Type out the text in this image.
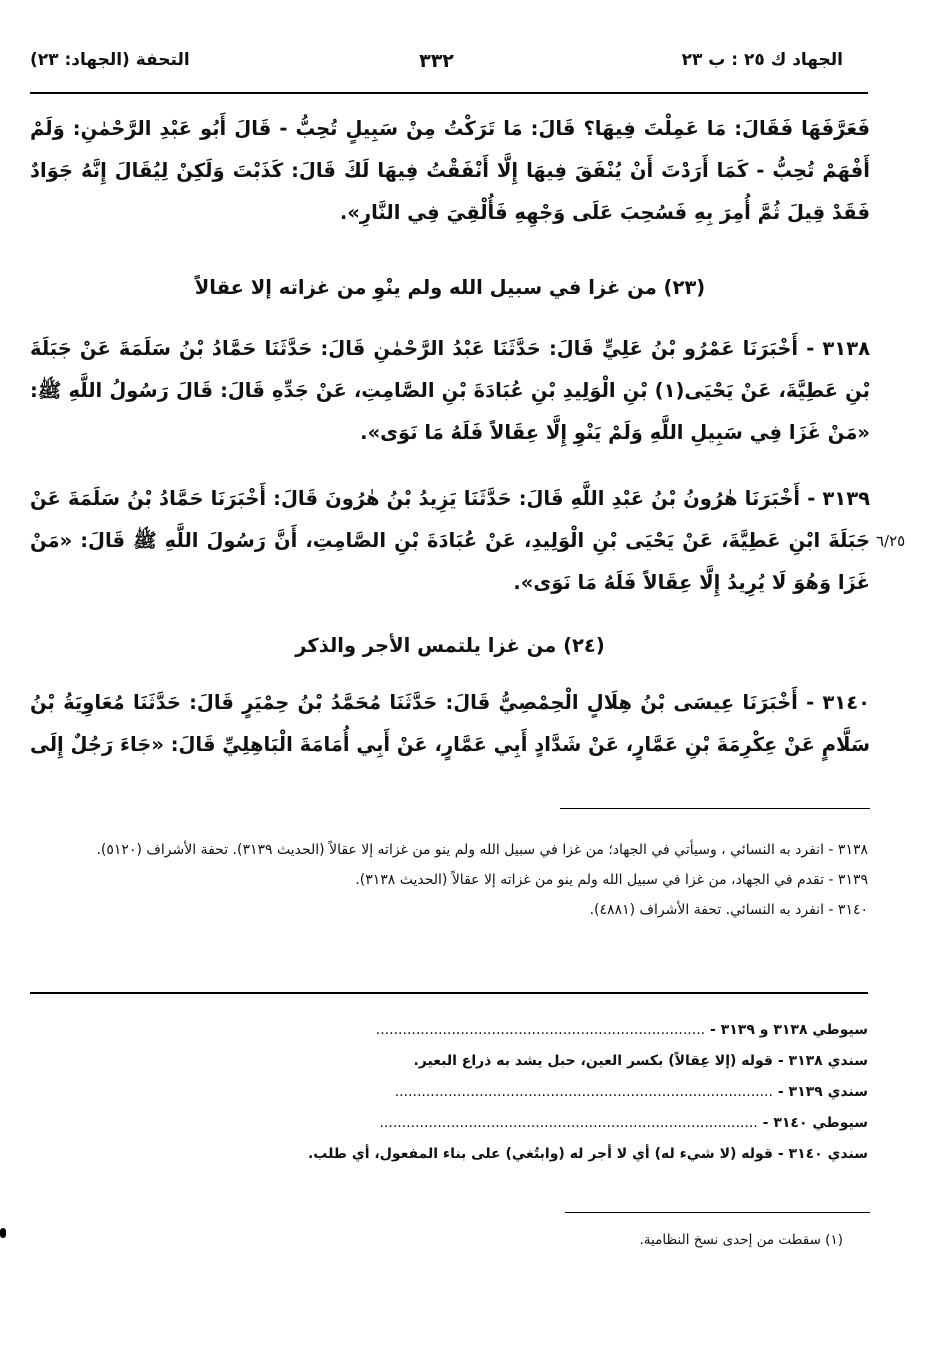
الجهاد ك ٢٥ : ب ٢٣
٣٣٢
التحفة (الجهاد: ٢٣)
فَعَرَّفَهَا فَقَالَ: مَا عَمِلْتَ فِيهَا؟ قَالَ: مَا تَرَكْتُ مِنْ سَبِيلٍ تُحِبُّ - قَالَ أَبُو عَبْدِ الرَّحْمٰنِ: وَلَمْ أَفْهَمْ تُحِبُّ - كَمَا أَرَدْتَ أَنْ يُنْفَقَ فِيهَا إِلَّا أَنْفَقْتُ فِيهَا لَكَ قَالَ: كَذَبْتَ وَلَكِنْ لِيُقَالَ إِنَّهُ جَوَادٌ فَقَدْ قِيلَ ثُمَّ أُمِرَ بِهِ فَسُحِبَ عَلَى وَجْهِهِ فَأُلْقِيَ فِي النَّارِ».
(٢٣) من غزا في سبيل الله ولم ينْوِ من غزاته إلا عقالاً
٣١٣٨ - أَخْبَرَنَا عَمْرُو بْنُ عَلِيٍّ قَالَ: حَدَّثَنَا عَبْدُ الرَّحْمٰنِ قَالَ: حَدَّثَنَا حَمَّادُ بْنُ سَلَمَةَ عَنْ جَبَلَةَ بْنِ عَطِيَّةَ، عَنْ يَحْيَى(١) بْنِ الْوَلِيدِ بْنِ عُبَادَةَ بْنِ الصَّامِتِ، عَنْ جَدِّهِ قَالَ: قَالَ رَسُولُ اللَّهِ ﷺ: «مَنْ غَزَا فِي سَبِيلِ اللَّهِ وَلَمْ يَنْوِ إِلَّا عِقَالاً فَلَهُ مَا نَوَى».
٣١٣٩ - أَخْبَرَنَا هٰرُونُ بْنُ عَبْدِ اللَّهِ قَالَ: حَدَّثَنَا يَزِيدُ بْنُ هٰرُونَ قَالَ: أَخْبَرَنَا حَمَّادُ بْنُ سَلَمَةَ عَنْ جَبَلَةَ ابْنِ عَطِيَّةَ، عَنْ يَحْيَى بْنِ الْوَلِيدِ، عَنْ عُبَادَةَ بْنِ الصَّامِتِ، أَنَّ رَسُولَ اللَّهِ ﷺ قَالَ: «مَنْ غَزَا وَهُوَ لَا يُرِيدُ إِلَّا عِقَالاً فَلَهُ مَا نَوَى».
٦/٢٥
(٢٤) من غزا يلتمس الأجر والذكر
٣١٤٠ - أَخْبَرَنَا عِيسَى بْنُ هِلَالٍ الْحِمْصِيُّ قَالَ: حَدَّثَنَا مُحَمَّدُ بْنُ حِمْيَرٍ قَالَ: حَدَّثَنَا مُعَاوِيَةُ بْنُ سَلَّامٍ عَنْ عِكْرِمَةَ بْنِ عَمَّارٍ، عَنْ شَدَّادٍ أَبِي عَمَّارٍ، عَنْ أَبِي أُمَامَةَ الْبَاهِلِيِّ قَالَ: «جَاءَ رَجُلٌ إِلَى

٣١٣٨ - انفرد به النسائي ، وسيأتي في الجهاد؛ من غزا في سبيل الله ولم ينو من غزاته إلا عقالاً (الحديث ٣١٣٩). تحفة الأشراف (٥١٢٠).

٣١٣٩ - تقدم في الجهاد، من غزا في سبيل الله ولم ينو من غزاته إلا عقالاً (الحديث ٣١٣٨).

٣١٤٠ - انفرد به النسائي. تحفة الأشراف (٤٨٨١).

سيوطي ٣١٣٨ و ٣١٣٩ - ..........................................................................

سندي ٣١٣٨ - قوله (إلا عِقالاً) بكسر العين، حبل يشد به ذراع البعير.

سندي ٣١٣٩ - .....................................................................................

سيوطي ٣١٤٠ - .....................................................................................

سندي ٣١٤٠ - قوله (لا شيء له) أي لا أجر له (وابتُغي) على بناء المفعول، أي طلب.

(١) سقطت من إحدى نسخ النظامية.
